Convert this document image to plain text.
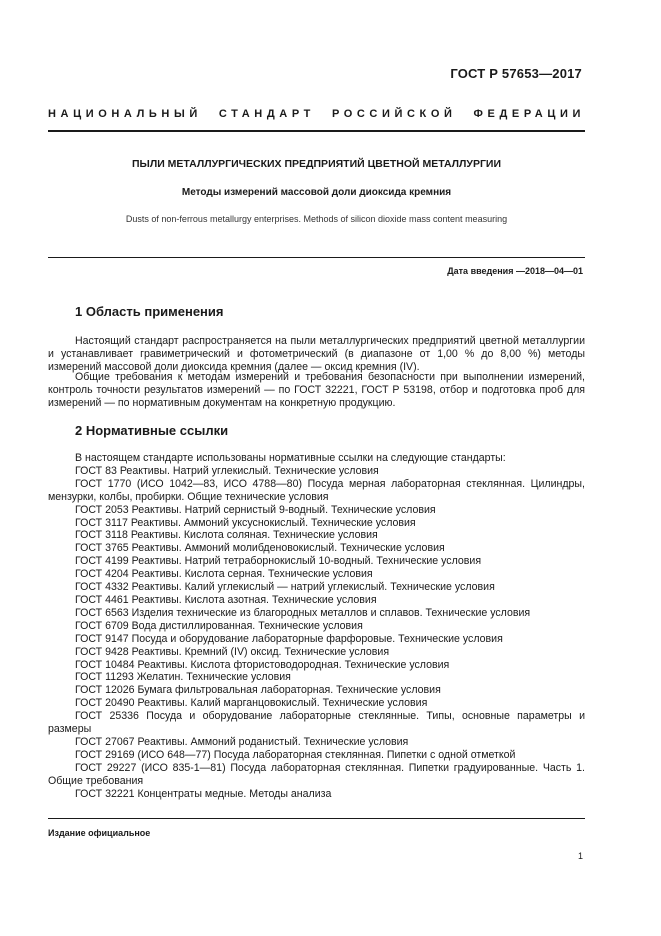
ГОСТ Р 57653—2017
НАЦИОНАЛЬНЫЙ СТАНДАРТ РОССИЙСКОЙ ФЕДЕРАЦИИ
ПЫЛИ МЕТАЛЛУРГИЧЕСКИХ ПРЕДПРИЯТИЙ ЦВЕТНОЙ МЕТАЛЛУРГИИ
Методы измерений массовой доли диоксида кремния
Dusts of non-ferrous metallurgy enterprises. Methods of silicon dioxide mass content measuring
Дата введения —2018—04—01
1 Область применения
Настоящий стандарт распространяется на пыли металлургических предприятий цветной металлургии и устанавливает гравиметрический и фотометрический (в диапазоне от 1,00 % до 8,00 %) методы измерений массовой доли диоксида кремния (далее — оксид кремния (IV).
Общие требования к методам измерений и требования безопасности при выполнении измерений, контроль точности результатов измерений — по ГОСТ 32221, ГОСТ Р 53198, отбор и подготовка проб для измерений — по нормативным документам на конкретную продукцию.
2 Нормативные ссылки
В настоящем стандарте использованы нормативные ссылки на следующие стандарты:
ГОСТ 83 Реактивы. Натрий углекислый. Технические условия
ГОСТ 1770 (ИСО 1042—83, ИСО 4788—80) Посуда мерная лабораторная стеклянная. Цилиндры, мензурки, колбы, пробирки. Общие технические условия
ГОСТ 2053 Реактивы. Натрий сернистый 9-водный. Технические условия
ГОСТ 3117 Реактивы. Аммоний уксуснокислый. Технические условия
ГОСТ 3118 Реактивы. Кислота соляная. Технические условия
ГОСТ 3765 Реактивы. Аммоний молибденовокислый. Технические условия
ГОСТ 4199 Реактивы. Натрий тетраборнокислый 10-водный. Технические условия
ГОСТ 4204 Реактивы. Кислота серная. Технические условия
ГОСТ 4332 Реактивы. Калий углекислый — натрий углекислый. Технические условия
ГОСТ 4461 Реактивы. Кислота азотная. Технические условия
ГОСТ 6563 Изделия технические из благородных металлов и сплавов. Технические условия
ГОСТ 6709 Вода дистиллированная. Технические условия
ГОСТ 9147 Посуда и оборудование лабораторные фарфоровые. Технические условия
ГОСТ 9428 Реактивы. Кремний (IV) оксид. Технические условия
ГОСТ 10484 Реактивы. Кислота фтористоводородная. Технические условия
ГОСТ 11293 Желатин. Технические условия
ГОСТ 12026 Бумага фильтровальная лабораторная. Технические условия
ГОСТ 20490 Реактивы. Калий марганцовокислый. Технические условия
ГОСТ 25336 Посуда и оборудование лабораторные стеклянные. Типы, основные параметры и размеры
ГОСТ 27067 Реактивы. Аммоний роданистый. Технические условия
ГОСТ 29169 (ИСО 648—77) Посуда лабораторная стеклянная. Пипетки с одной отметкой
ГОСТ 29227 (ИСО 835-1—81) Посуда лабораторная стеклянная. Пипетки градуированные. Часть 1. Общие требования
ГОСТ 32221 Концентраты медные. Методы анализа
Издание официальное
1
